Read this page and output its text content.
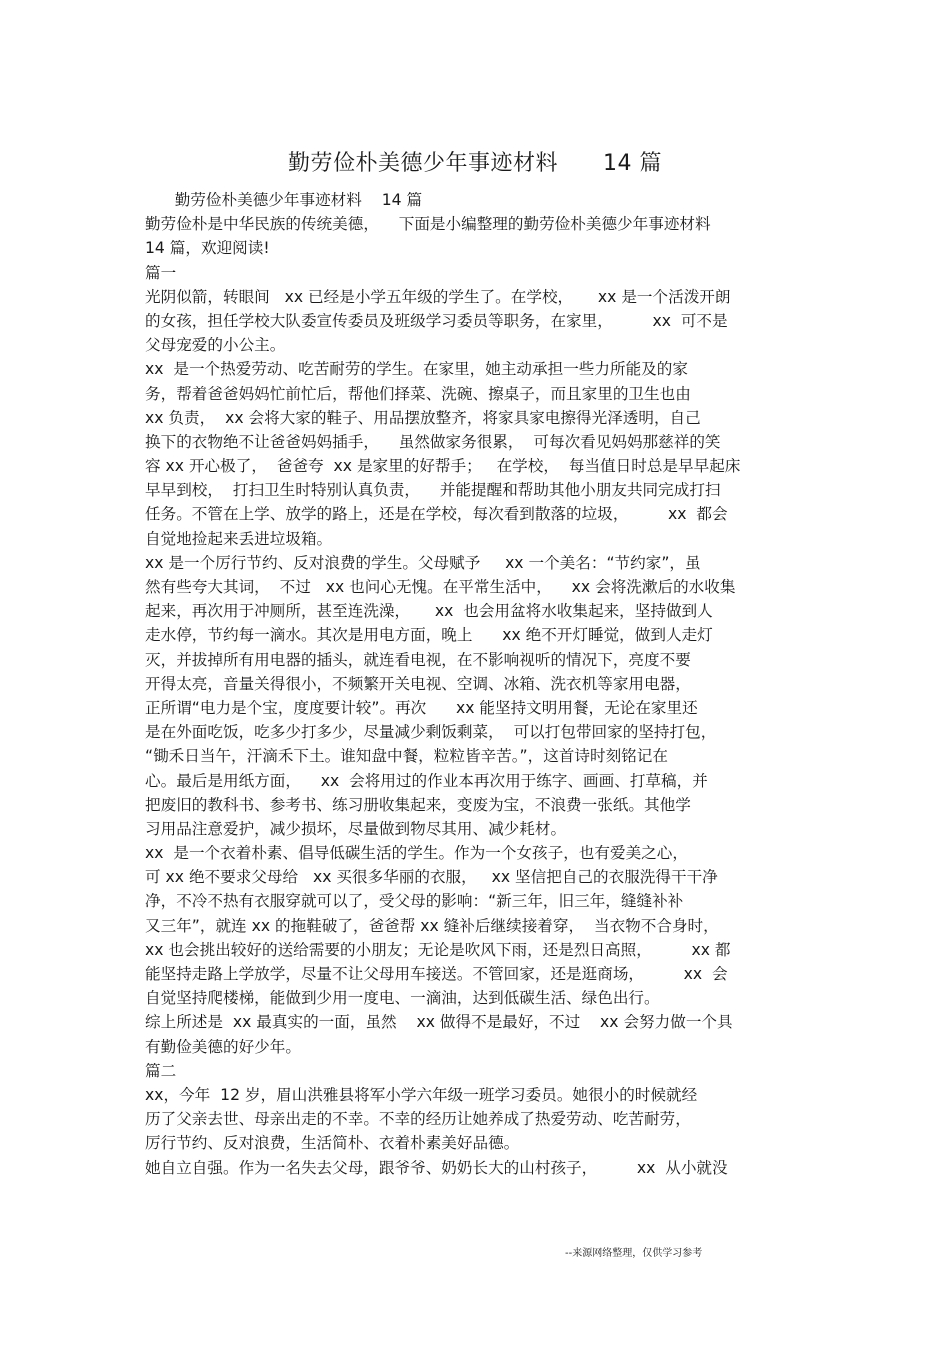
勤劳俭朴美德少年事迹材料      14 篇
勤劳俭朴美德少年事迹材料    14 篇
勤劳俭朴是中华民族的传统美德，    下面是小编整理的勤劳俭朴美德少年事迹材料
14 篇，欢迎阅读!
篇一
光阴似箭，转眼间   xx 已经是小学五年级的学生了。在学校，     xx 是一个活泼开朗
的女孩，担任学校大队委宣传委员及班级学习委员等职务，在家里，        xx  可不是
父母宠爱的小公主。
xx  是一个热爱劳动、吃苦耐劳的学生。在家里，她主动承担一些力所能及的家
务，帮着爸爸妈妈忙前忙后，帮他们择菜、洗碗、擦桌子，而且家里的卫生也由
xx 负责，  xx 会将大家的鞋子、用品摆放整齐，将家具家电擦得光泽透明，自己
换下的衣物绝不让爸爸妈妈插手，    虽然做家务很累，  可每次看见妈妈那慈祥的笑
容 xx 开心极了，  爸爸夸  xx 是家里的好帮手；   在学校，  每当值日时总是早早起床
早早到校，  打扫卫生时特别认真负责，    并能提醒和帮助其他小朋友共同完成打扫
任务。不管在上学、放学的路上，还是在学校，每次看到散落的垃圾，        xx  都会
自觉地捡起来丢进垃圾箱。
xx 是一个厉行节约、反对浪费的学生。父母赋予     xx 一个美名：“节约家”，虽
然有些夸大其词，  不过   xx 也问心无愧。在平常生活中，    xx 会将洗漱后的水收集
起来，再次用于冲厕所，甚至连洗澡，     xx  也会用盆将水收集起来，坚持做到人
走水停，节约每一滴水。其次是用电方面，晚上      xx 绝不开灯睡觉，做到人走灯
灭，并拔掉所有用电器的插头，就连看电视，在不影响视听的情况下，亮度不要
开得太亮，音量关得很小，不频繁开关电视、空调、冰箱、洗衣机等家用电器，
正所谓“电力是个宝，度度要计较”。再次      xx 能坚持文明用餐，无论在家里还
是在外面吃饭，吃多少打多少，尽量减少剩饭剩菜，  可以打包带回家的坚持打包，
“锄禾日当午，汗滴禾下土。谁知盘中餐，粒粒皆辛苦。”，这首诗时刻铭记在
心。最后是用纸方面，    xx  会将用过的作业本再次用于练字、画画、打草稿，并
把废旧的教科书、参考书、练习册收集起来，变废为宝，不浪费一张纸。其他学
习用品注意爱护，减少损坏，尽量做到物尽其用、减少耗材。
xx  是一个衣着朴素、倡导低碳生活的学生。作为一个女孩子，也有爱美之心，
可 xx 绝不要求父母给   xx 买很多华丽的衣服，   xx 坚信把自己的衣服洗得干干净
净，不冷不热有衣服穿就可以了，受父母的影响：“新三年，旧三年，缝缝补补
又三年”，就连 xx 的拖鞋破了，爸爸帮 xx 缝补后继续接着穿，  当衣物不合身时，
xx 也会挑出较好的送给需要的小朋友；无论是吹风下雨，还是烈日高照，        xx 都
能坚持走路上学放学，尽量不让父母用车接送。不管回家，还是逛商场，        xx  会
自觉坚持爬楼梯，能做到少用一度电、一滴油，达到低碳生活、绿色出行。
综上所述是  xx 最真实的一面，虽然    xx 做得不是最好，不过    xx 会努力做一个具
有勤俭美德的好少年。
篇二
xx，今年  12 岁，眉山洪雅县将军小学六年级一班学习委员。她很小的时候就经
历了父亲去世、母亲出走的不幸。不幸的经历让她养成了热爱劳动、吃苦耐劳，
厉行节约、反对浪费，生活简朴、衣着朴素美好品德。
她自立自强。作为一名失去父母，跟爷爷、奶奶长大的山村孩子，        xx  从小就没
--来源网络整理，仅供学习参考
